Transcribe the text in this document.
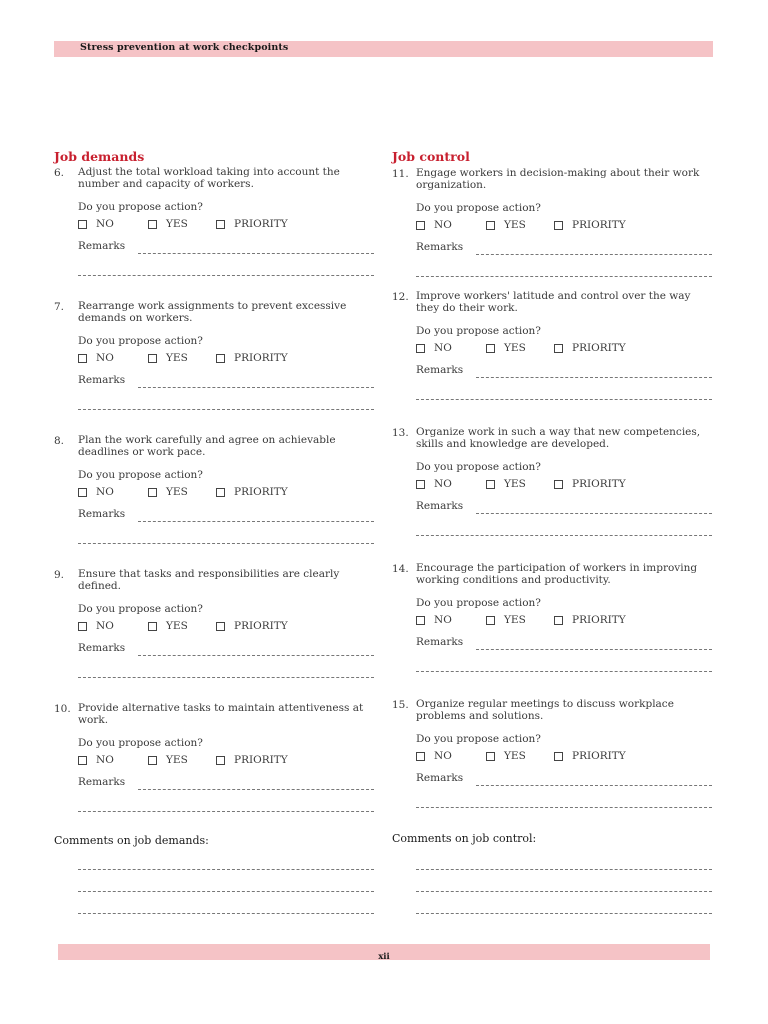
Stress prevention at work checkpoints
Job demands
6. Adjust the total workload taking into account the number and capacity of workers.
Do you propose action?
NO	YES	PRIORITY
Remarks
7. Rearrange work assignments to prevent excessive demands on workers.
Do you propose action?
NO	YES	PRIORITY
Remarks
8. Plan the work carefully and agree on achievable deadlines or work pace.
Do you propose action?
NO	YES	PRIORITY
Remarks
9. Ensure that tasks and responsibilities are clearly defined.
Do you propose action?
NO	YES	PRIORITY
Remarks
10. Provide alternative tasks to maintain attentiveness at work.
Do you propose action?
NO	YES	PRIORITY
Remarks
Comments on job demands:
Job control
11. Engage workers in decision-making about their work organization.
Do you propose action?
NO	YES	PRIORITY
Remarks
12. Improve workers' latitude and control over the way they do their work.
Do you propose action?
NO	YES	PRIORITY
Remarks
13. Organize work in such a way that new competencies, skills and knowledge are developed.
Do you propose action?
NO	YES	PRIORITY
Remarks
14. Encourage the participation of workers in improving working conditions and productivity.
Do you propose action?
NO	YES	PRIORITY
Remarks
15. Organize regular meetings to discuss workplace problems and solutions.
Do you propose action?
NO	YES	PRIORITY
Remarks
Comments on job control:
xii
